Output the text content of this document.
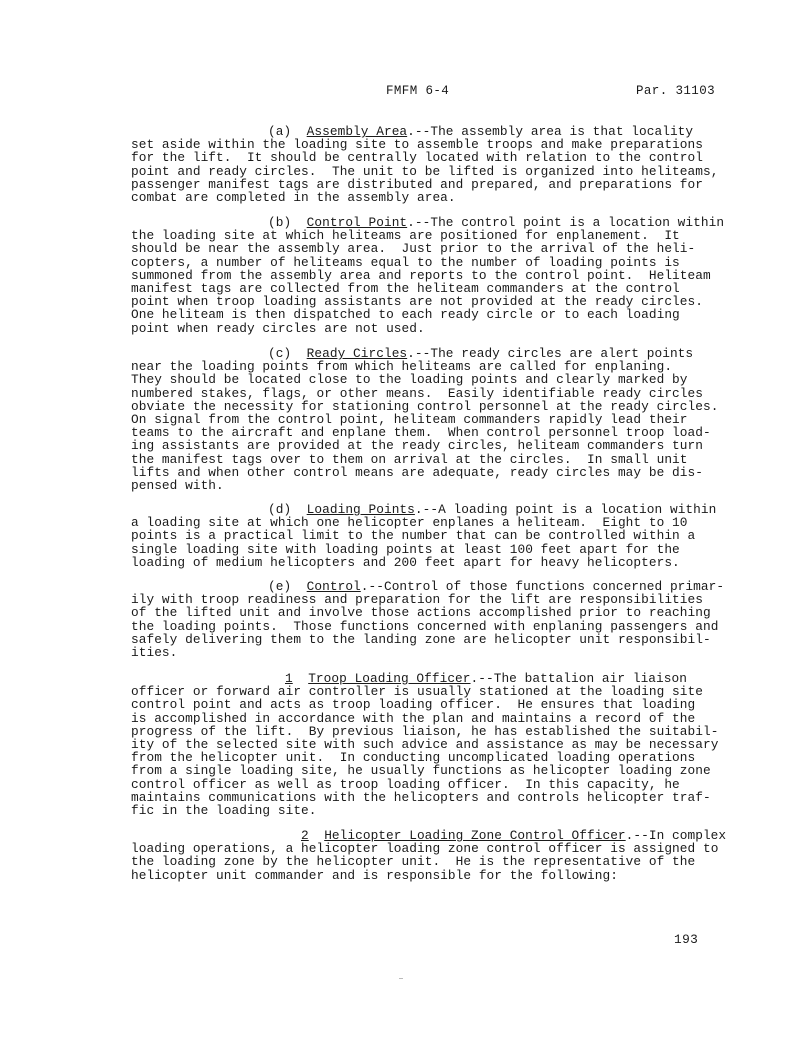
FMFM 6-4	Par. 31103
(a) Assembly Area.--The assembly area is that locality
set aside within the loading site to assemble troops and make preparations
for the lift.  It should be centrally located with relation to the control
point and ready circles.  The unit to be lifted is organized into heliteams,
passenger manifest tags are distributed and prepared, and preparations for
combat are completed in the assembly area.
(b) Control Point.--The control point is a location within
the loading site at which heliteams are positioned for enplanement.  It
should be near the assembly area.  Just prior to the arrival of the heli-
copters, a number of heliteams equal to the number of loading points is
summoned from the assembly area and reports to the control point.  Heliteam
manifest tags are collected from the heliteam commanders at the control
point when troop loading assistants are not provided at the ready circles.
One heliteam is then dispatched to each ready circle or to each loading
point when ready circles are not used.
(c) Ready Circles.--The ready circles are alert points
near the loading points from which heliteams are called for enplaning.
They should be located close to the loading points and clearly marked by
numbered stakes, flags, or other means.  Easily identifiable ready circles
obviate the necessity for stationing control personnel at the ready circles.
On signal from the control point, heliteam commanders rapidly lead their
teams to the aircraft and enplane them.  When control personnel troop load-
ing assistants are provided at the ready circles, heliteam commanders turn
the manifest tags over to them on arrival at the circles.  In small unit
lifts and when other control means are adequate, ready circles may be dis-
pensed with.
(d) Loading Points.--A loading point is a location within
a loading site at which one helicopter enplanes a heliteam.  Eight to 10
points is a practical limit to the number that can be controlled within a
single loading site with loading points at least 100 feet apart for the
loading of medium helicopters and 200 feet apart for heavy helicopters.
(e) Control.--Control of those functions concerned primar-
ily with troop readiness and preparation for the lift are responsibilities
of the lifted unit and involve those actions accomplished prior to reaching
the loading points.  Those functions concerned with enplaning passengers and
safely delivering them to the landing zone are helicopter unit responsibil-
ities.
1 Troop Loading Officer.--The battalion air liaison
officer or forward air controller is usually stationed at the loading site
control point and acts as troop loading officer.  He ensures that loading
is accomplished in accordance with the plan and maintains a record of the
progress of the lift.  By previous liaison, he has established the suitabil-
ity of the selected site with such advice and assistance as may be necessary
from the helicopter unit.  In conducting uncomplicated loading operations
from a single loading site, he usually functions as helicopter loading zone
control officer as well as troop loading officer.  In this capacity, he
maintains communications with the helicopters and controls helicopter traf-
fic in the loading site.
2 Helicopter Loading Zone Control Officer.--In complex
loading operations, a helicopter loading zone control officer is assigned to
the loading zone by the helicopter unit.  He is the representative of the
helicopter unit commander and is responsible for the following:
193
